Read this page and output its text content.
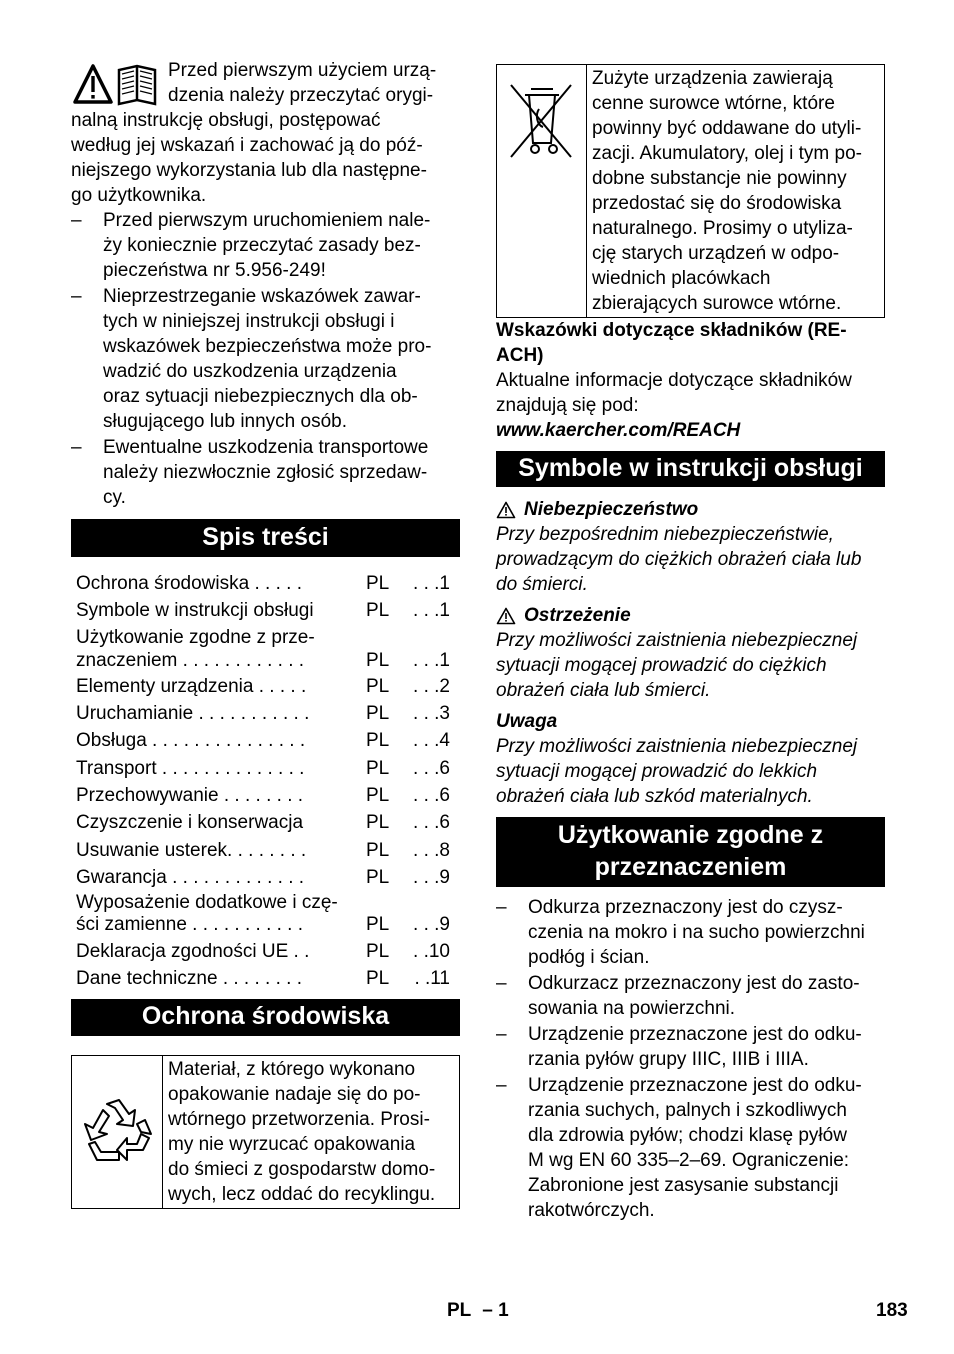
Przed pierwszym użyciem urzą-
dzenia należy przeczytać orygi-
nalną instrukcję obsługi, postępować
według jej wskazań i zachować ją do póź-
niejszego wykorzystania lub dla następne-
go użytkownika.
– Przed pierwszym uruchomieniem nale-
ży koniecznie przeczytać zasady bez-
pieczeństwa nr 5.956-249!
– Nieprzestrzeganie wskazówek zawar-
tych w niniejszej instrukcji obsługi i
wskazówek bezpieczeństwa może pro-
wadzić do uszkodzenia urządzenia
oraz sytuacji niebezpiecznych dla ob-
sługującego lub innych osób.
– Ewentualne uszkodzenia transportowe
należy niezwłocznie zgłosić sprzedaw-
cy.
Spis treści
Ochrona środowiska . . . . .	PL	. . .1
Symbole w instrukcji obsługi	PL	. . .1
Użytkowanie zgodne z prze-
znaczeniem . . . . . . . . . . . .	PL	. . .1
Elementy urządzenia . . . . .	PL	. . .2
Uruchamianie . . . . . . . . . . .	PL	. . .3
Obsługa . . . . . . . . . . . . . . .	PL	. . .4
Transport . . . . . . . . . . . . . .	PL	. . .6
Przechowywanie . . . . . . . .	PL	. . .6
Czyszczenie i konserwacja	PL	. . .6
Usuwanie usterek. . . . . . . .	PL	. . .8
Gwarancja . . . . . . . . . . . . .	PL	. . .9
Wyposażenie dodatkowe i czę-
ści zamienne . . . . . . . . . . .	PL	. . .9
Deklaracja zgodności UE . .	PL	. .10
Dane techniczne . . . . . . . .	PL	. .11
Ochrona środowiska
Materiał, z którego wykonano
opakowanie nadaje się do po-
wtórnego przetworzenia. Prosi-
my nie wyrzucać opakowania
do śmieci z gospodarstw domo-
wych, lecz oddać do recyklingu.
Zużyte urządzenia zawierają
cenne surowce wtórne, które
powinny być oddawane do utyli-
zacji. Akumulatory, olej i tym po-
dobne substancje nie powinny
przedostać się do środowiska
naturalnego. Prosimy o utyliza-
cję starych urządzeń w odpo-
wiednich placówkach
zbierających surowce wtórne.
Wskazówki dotyczące składników (RE-
ACH)
Aktualne informacje dotyczące składników
znajdują się pod:
www.kaercher.com/REACH
Symbole w instrukcji obsługi
Niebezpieczeństwo
Przy bezpośrednim niebezpieczeństwie,
prowadzącym do ciężkich obrażeń ciała lub
do śmierci.
Ostrzeżenie
Przy możliwości zaistnienia niebezpiecznej
sytuacji mogącej prowadzić do ciężkich
obrażeń ciała lub śmierci.
Uwaga
Przy możliwości zaistnienia niebezpiecznej
sytuacji mogącej prowadzić do lekkich
obrażeń ciała lub szkód materialnych.
Użytkowanie zgodne z
przeznaczeniem
– Odkurza przeznaczony jest do czysz-
czenia na mokro i na sucho powierzchni
podłóg i ścian.
– Odkurzacz przeznaczony jest do zasto-
sowania na powierzchni.
– Urządzenie przeznaczone jest do odku-
rzania pyłów grupy IIIC, IIIB i IIIA.
– Urządzenie przeznaczone jest do odku-
rzania suchych, palnych i szkodliwych
dla zdrowia pyłów; chodzi klasę pyłów
M wg EN 60 335–2–69. Ograniczenie:
Zabronione jest zasysanie substancji
rakotwórczych.
PL – 1	183
